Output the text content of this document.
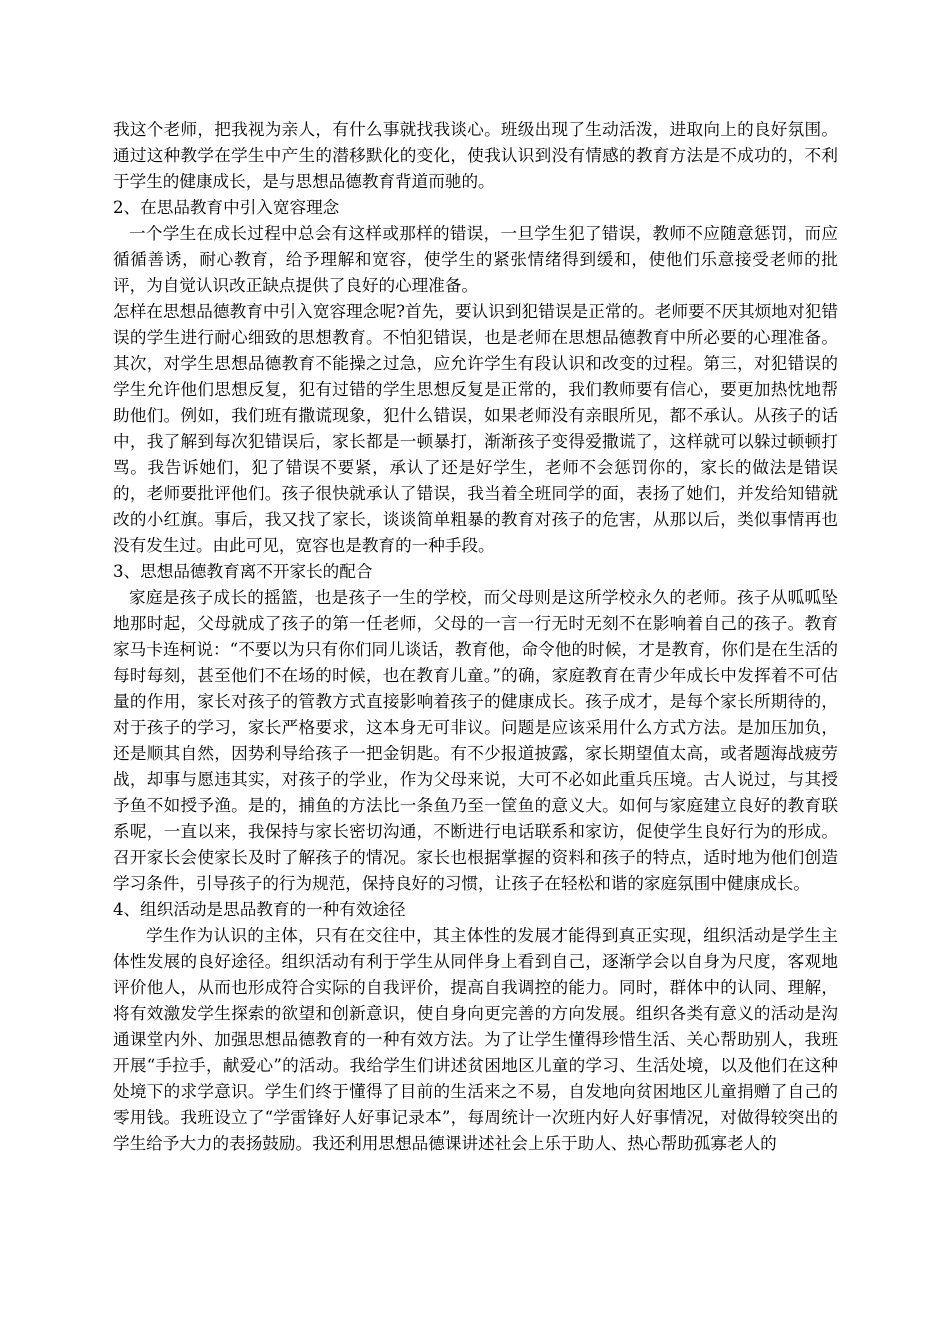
我这个老师，把我视为亲人，有什么事就找我谈心。班级出现了生动活泼，进取向上的良好氛围。通过这种教学在学生中产生的潜移默化的变化，使我认识到没有情感的教育方法是不成功的，不利于学生的健康成长，是与思想品德教育背道而驰的。

2、在思品教育中引入宽容理念

一个学生在成长过程中总会有这样或那样的错误，一旦学生犯了错误，教师不应随意惩罚，而应循循善诱，耐心教育，给予理解和宽容，使学生的紧张情绪得到缓和，使他们乐意接受老师的批评，为自觉认识改正缺点提供了良好的心理准备。

怎样在思想品德教育中引入宽容理念呢?首先，要认识到犯错误是正常的。老师要不厌其烦地对犯错误的学生进行耐心细致的思想教育。不怕犯错误，也是老师在思想品德教育中所必要的心理准备。其次，对学生思想品德教育不能操之过急，应允许学生有段认识和改变的过程。第三，对犯错误的学生允许他们思想反复，犯有过错的学生思想反复是正常的，我们教师要有信心，要更加热忱地帮助他们。例如，我们班有撒谎现象，犯什么错误，如果老师没有亲眼所见，都不承认。从孩子的话中，我了解到每次犯错误后，家长都是一顿暴打，渐渐孩子变得爱撒谎了，这样就可以躲过顿顿打骂。我告诉她们，犯了错误不要紧，承认了还是好学生，老师不会惩罚你的，家长的做法是错误的，老师要批评他们。孩子很快就承认了错误，我当着全班同学的面，表扬了她们，并发给知错就改的小红旗。事后，我又找了家长，谈谈简单粗暴的教育对孩子的危害，从那以后，类似事情再也没有发生过。由此可见，宽容也是教育的一种手段。

3、思想品德教育离不开家长的配合

家庭是孩子成长的摇篮，也是孩子一生的学校，而父母则是这所学校永久的老师。孩子从呱呱坠地那时起，父母就成了孩子的第一任老师，父母的一言一行无时无刻不在影响着自己的孩子。教育家马卡连柯说：“不要以为只有你们同儿谈话，教育他，命令他的时候，才是教育，你们是在生活的每时每刻，甚至他们不在场的时候，也在教育儿童。”的确，家庭教育在青少年成长中发挥着不可估量的作用，家长对孩子的管教方式直接影响着孩子的健康成长。孩子成才，是每个家长所期待的，对于孩子的学习，家长严格要求，这本身无可非议。问题是应该采用什么方式方法。是加压加负，还是顺其自然，因势利导给孩子一把金钥匙。有不少报道披露，家长期望值太高，或者题海战疲劳战，却事与愿违其实，对孩子的学业，作为父母来说，大可不必如此重兵压境。古人说过，与其授予鱼不如授予渔。是的，捕鱼的方法比一条鱼乃至一筐鱼的意义大。如何与家庭建立良好的教育联系呢，一直以来，我保持与家长密切沟通，不断进行电话联系和家访，促使学生良好行为的形成。召开家长会使家长及时了解孩子的情况。家长也根据掌握的资料和孩子的特点，适时地为他们创造学习条件，引导孩子的行为规范，保持良好的习惯，让孩子在轻松和谐的家庭氛围中健康成长。

4、组织活动是思品教育的一种有效途径

学生作为认识的主体，只有在交往中，其主体性的发展才能得到真正实现，组织活动是学生主体性发展的良好途径。组织活动有利于学生从同伴身上看到自己，逐渐学会以自身为尺度，客观地评价他人，从而也形成符合实际的自我评价，提高自我调控的能力。同时，群体中的认同、理解，将有效激发学生探索的欲望和创新意识，使自身向更完善的方向发展。组织各类有意义的活动是沟通课堂内外、加强思想品德教育的一种有效方法。为了让学生懂得珍惜生活、关心帮助别人，我班开展“手拉手，献爱心”的活动。我给学生们讲述贫困地区儿童的学习、生活处境，以及他们在这种处境下的求学意识。学生们终于懂得了目前的生活来之不易，自发地向贫困地区儿童捐赠了自己的零用钱。我班设立了“学雷锋好人好事记录本”，每周统计一次班内好人好事情况，对做得较突出的学生给予大力的表扬鼓励。我还利用思想品德课讲述社会上乐于助人、热心帮助孤寡老人的
